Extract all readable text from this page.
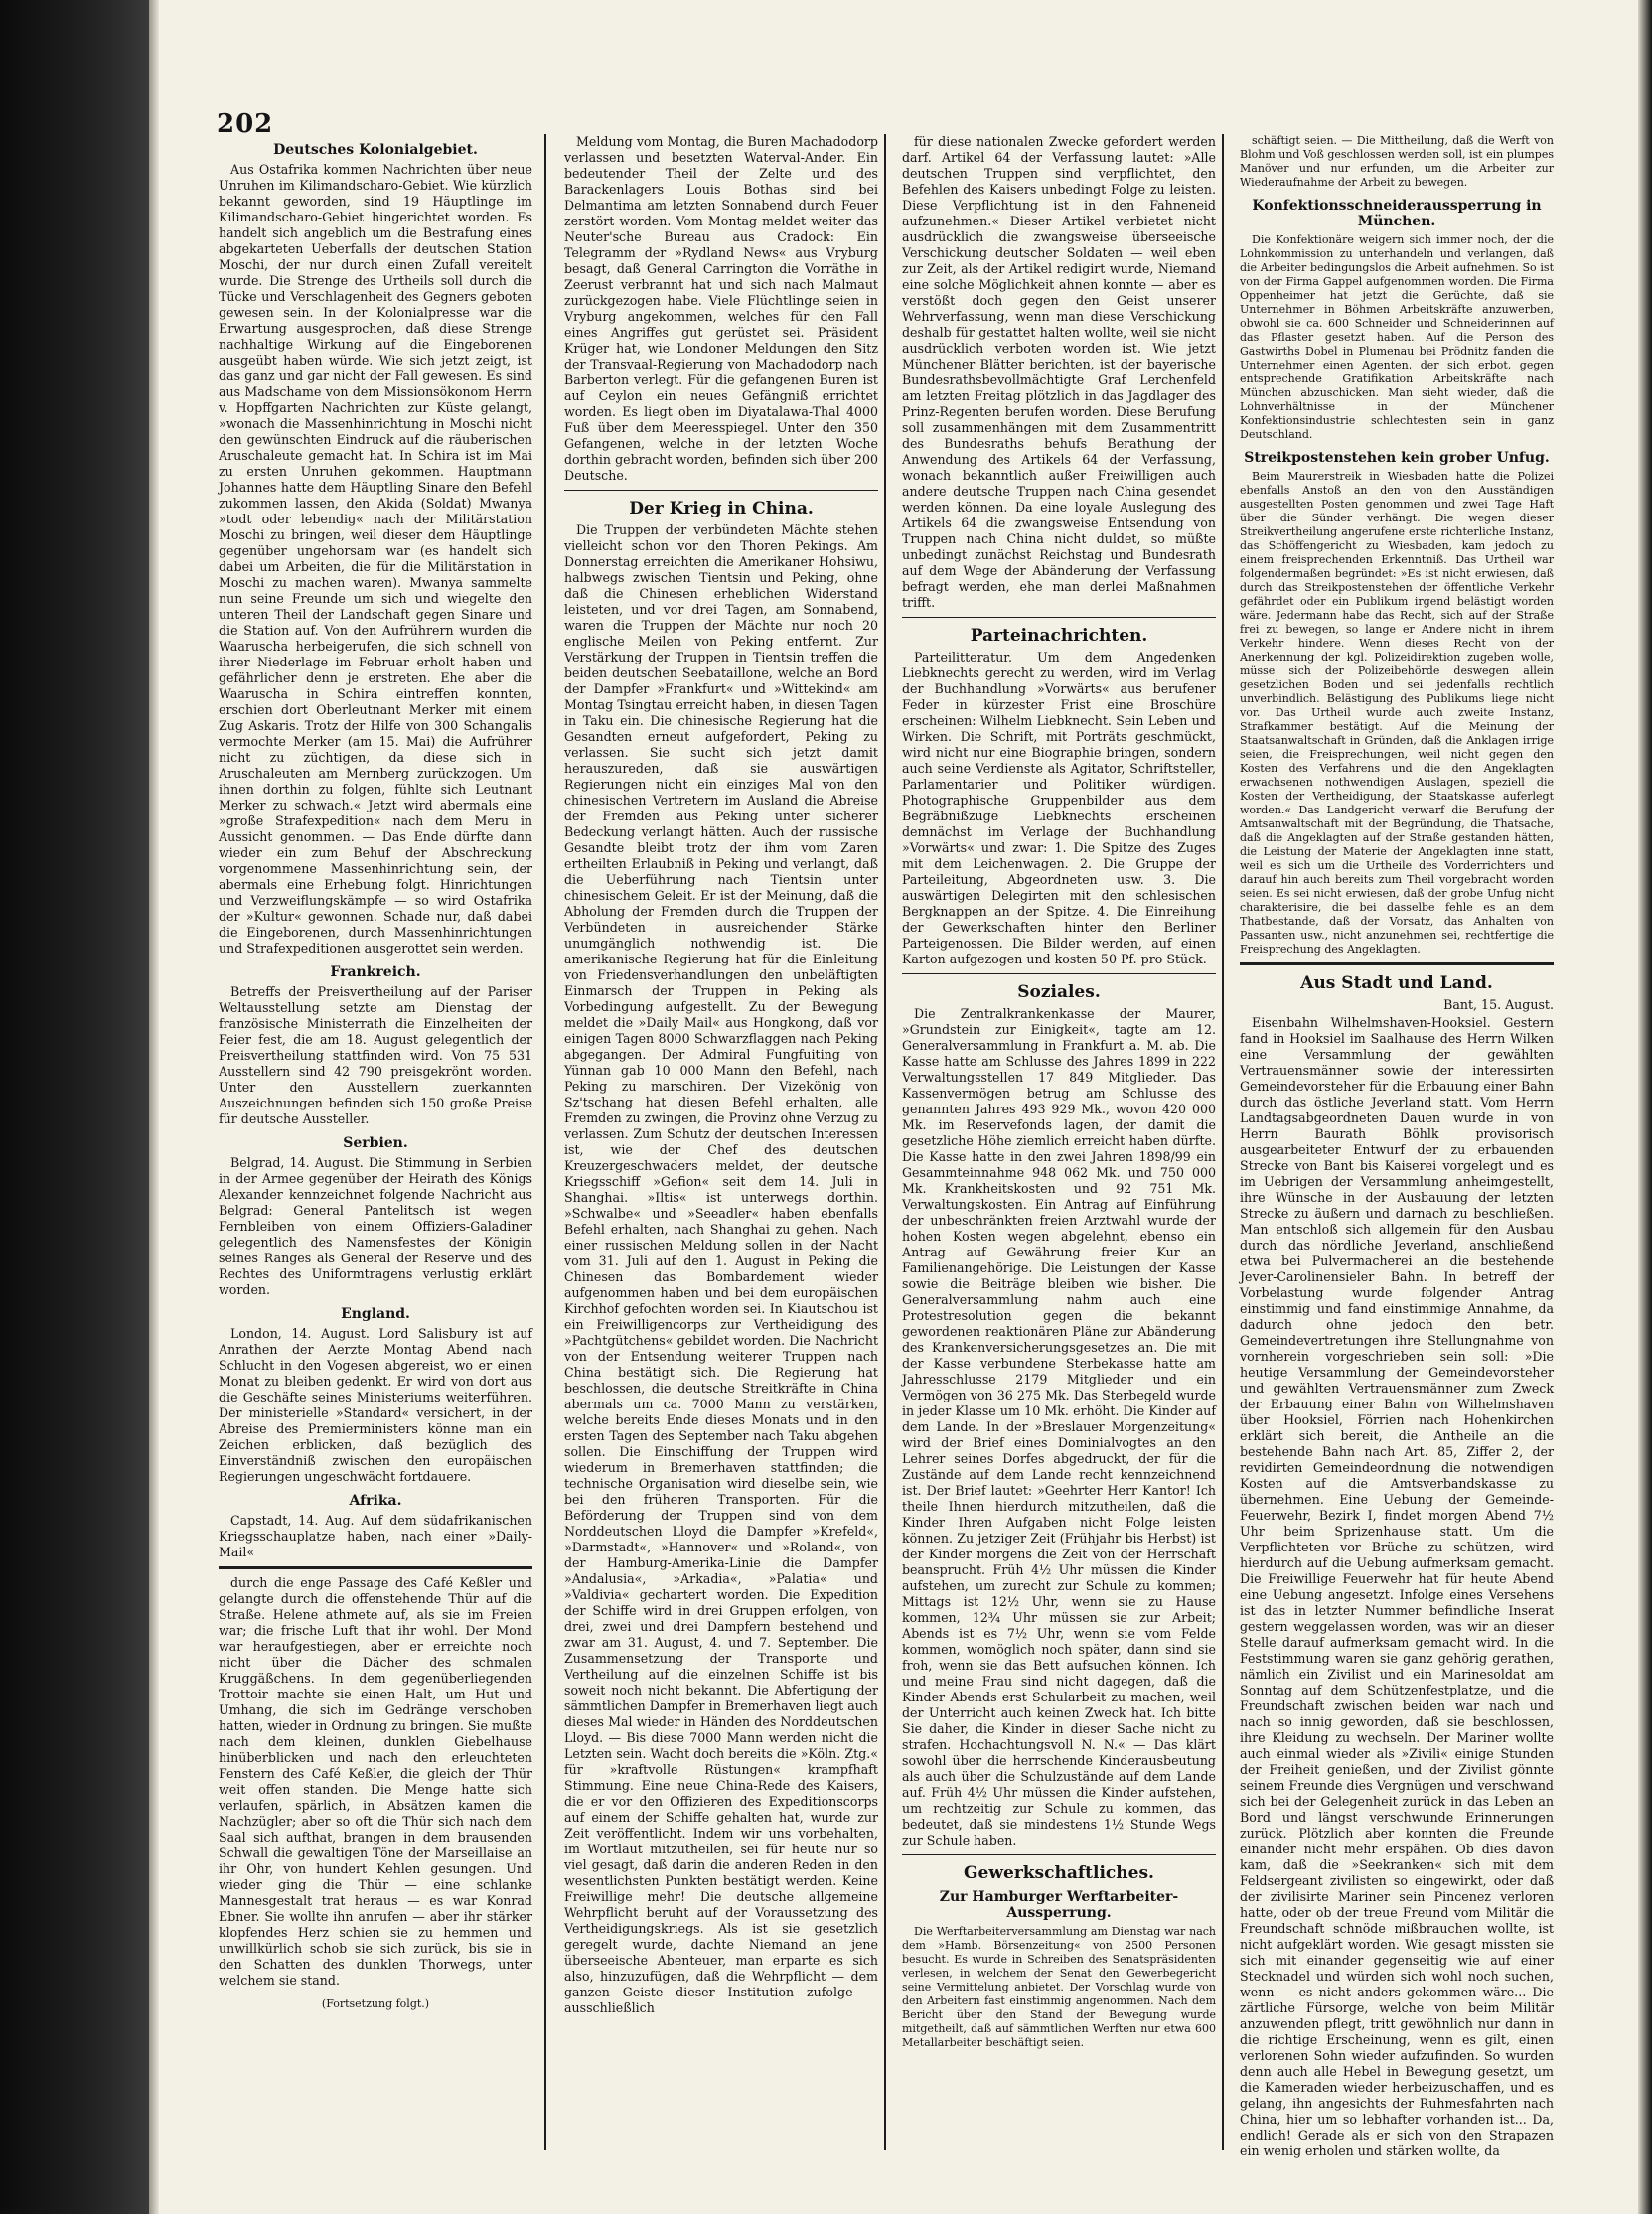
202
Deutsches Kolonialgebiet.

Aus Ostafrika kommen Nachrichten über neue Unruhen im Kilimandscharo-Gebiet. Wie kürzlich bekannt geworden, sind 19 Häuptlinge im Kilimandscharo-Gebiet hingerichtet worden. Es handelt sich angeblich um die Bestrafung eines abgekarteten Ueberfalls der deutschen Station Moschi, der nur durch einen Zufall vereitelt wurde. Die Strenge des Urtheils soll durch die Tücke und Verschlagenheit des Gegners geboten gewesen sein. In der Kolonialpresse war die Erwartung ausgesprochen, daß diese Strenge nachhaltige Wirkung auf die Eingeborenen ausgeübt haben würde. Wie sich jetzt zeigt, ist das ganz und gar nicht der Fall gewesen. Es sind aus Madschame von dem Missionsökonom Herrn v. Hopffgarten Nachrichten zur Küste gelangt, »wonach die Massenhinrichtung in Moschi nicht den gewünschten Eindruck auf die räuberischen Aruschaleute gemacht hat. In Schira ist im Mai zu ersten Unruhen gekommen. Hauptmann Johannes hatte dem Häuptling Sinare den Befehl zukommen lassen, den Akida (Soldat) Mwanya »todt oder lebendig« nach der Militärstation Moschi zu bringen, weil dieser dem Häuptlinge gegenüber ungehorsam war (es handelt sich dabei um Arbeiten, die für die Militärstation in Moschi zu machen waren). Mwanya sammelte nun seine Freunde um sich und wiegelte den unteren Theil der Landschaft gegen Sinare und die Station auf. Von den Aufrührern wurden die Waaruscha herbeigerufen, die sich schnell von ihrer Niederlage im Februar erholt haben und gefährlicher denn je erstreten. Ehe aber die Waaruscha in Schira eintreffen konnten, erschien dort Oberleutnant Merker mit einem Zug Askaris. Trotz der Hilfe von 300 Schangalis vermochte Merker (am 15. Mai) die Aufrührer nicht zu züchtigen, da diese sich in Aruschaleuten am Mernberg zurückzogen. Um ihnen dorthin zu folgen, fühlte sich Leutnant Merker zu schwach.« Jetzt wird abermals eine »große Strafexpedition« nach dem Meru in Aussicht genommen. — Das Ende dürfte dann wieder ein zum Behuf der Abschreckung vorgenommene Massenhinrichtung sein, der abermals eine Erhebung folgt. Hinrichtungen und Verzweiflungskämpfe — so wird Ostafrika der »Kultur« gewonnen. Schade nur, daß dabei die Eingeborenen, durch Massenhinrichtungen und Strafexpeditionen ausgerottet sein werden.

Frankreich.

Betreffs der Preisvertheilung auf der Pariser Weltausstellung setzte am Dienstag der französische Ministerrath die Einzelheiten der Feier fest, die am 18. August gelegentlich der Preisvertheilung stattfinden wird. Von 75 531 Ausstellern sind 42 790 preisgekrönt worden. Unter den Ausstellern zuerkannten Auszeichnungen befinden sich 150 große Preise für deutsche Aussteller.

Serbien.

Belgrad, 14. August. Die Stimmung in Serbien in der Armee gegenüber der Heirath des Königs Alexander kennzeichnet folgende Nachricht aus Belgrad: General Pantelitsch ist wegen Fernbleiben von einem Offiziers-Galadiner gelegentlich des Namensfestes der Königin seines Ranges als General der Reserve und des Rechtes des Uniformtragens verlustig erklärt worden.

England.

London, 14. August. Lord Salisbury ist auf Anrathen der Aerzte Montag Abend nach Schlucht in den Vogesen abgereist, wo er einen Monat zu bleiben gedenkt. Er wird von dort aus die Geschäfte seines Ministeriums weiterführen. Der ministerielle »Standard« versichert, in der Abreise des Premierministers könne man ein Zeichen erblicken, daß bezüglich des Einverständniß zwischen den europäischen Regierungen ungeschwächt fortdauere.

Afrika.

Capstadt, 14. Aug. Auf dem südafrikanischen Kriegsschauplatze haben, nach einer »Daily-Mail«

durch die enge Passage des Café Keßler und gelangte durch die offenstehende Thür auf die Straße. Helene athmete auf, als sie im Freien war; die frische Luft that ihr wohl. Der Mond war heraufgestiegen, aber er erreichte noch nicht über die Dächer des schmalen Kruggäßchens. In dem gegenüberliegenden Trottoir machte sie einen Halt, um Hut und Umhang, die sich im Gedränge verschoben hatten, wieder in Ordnung zu bringen. Sie mußte nach dem kleinen, dunklen Giebelhause hinüberblicken und nach den erleuchteten Fenstern des Café Keßler, die gleich der Thür weit offen standen. Die Menge hatte sich verlaufen, spärlich, in Absätzen kamen die Nachzügler; aber so oft die Thür sich nach dem Saal sich aufthat, brangen in dem brausenden Schwall die gewaltigen Töne der Marseillaise an ihr Ohr, von hundert Kehlen gesungen. Und wieder ging die Thür — eine schlanke Mannesgestalt trat heraus — es war Konrad Ebner. Sie wollte ihn anrufen — aber ihr stärker klopfendes Herz schien sie zu hemmen und unwillkürlich schob sie sich zurück, bis sie in den Schatten des dunklen Thorwegs, unter welchem sie stand.

(Fortsetzung folgt.)

Meldung vom Montag, die Buren Machadodorp verlassen und besetzten Waterval-Ander. Ein bedeutender Theil der Zelte und des Barackenlagers Louis Bothas sind bei Delmantima am letzten Sonnabend durch Feuer zerstört worden. Vom Montag meldet weiter das Neuter'sche Bureau aus Cradock: Ein Telegramm der »Rydland News« aus Vryburg besagt, daß General Carrington die Vorräthe in Zeerust verbrannt hat und sich nach Malmaut zurückgezogen habe. Viele Flüchtlinge seien in Vryburg angekommen, welches für den Fall eines Angriffes gut gerüstet sei. Präsident Krüger hat, wie Londoner Meldungen den Sitz der Transvaal-Regierung von Machadodorp nach Barberton verlegt. Für die gefangenen Buren ist auf Ceylon ein neues Gefängniß errichtet worden. Es liegt oben im Diyatalawa-Thal 4000 Fuß über dem Meeresspiegel. Unter den 350 Gefangenen, welche in der letzten Woche dorthin gebracht worden, befinden sich über 200 Deutsche.

Der Krieg in China.

Die Truppen der verbündeten Mächte stehen vielleicht schon vor den Thoren Pekings. Am Donnerstag erreichten die Amerikaner Hohsiwu, halbwegs zwischen Tientsin und Peking, ohne daß die Chinesen erheblichen Widerstand leisteten, und vor drei Tagen, am Sonnabend, waren die Truppen der Mächte nur noch 20 englische Meilen von Peking entfernt. Zur Verstärkung der Truppen in Tientsin treffen die beiden deutschen Seebataillone, welche an Bord der Dampfer »Frankfurt« und »Wittekind« am Montag Tsingtau erreicht haben, in diesen Tagen in Taku ein. Die chinesische Regierung hat die Gesandten erneut aufgefordert, Peking zu verlassen. Sie sucht sich jetzt damit herauszureden, daß sie auswärtigen Regierungen nicht ein einziges Mal von den chinesischen Vertretern im Ausland die Abreise der Fremden aus Peking unter sicherer Bedeckung verlangt hätten. Auch der russische Gesandte bleibt trotz der ihm vom Zaren ertheilten Erlaubniß in Peking und verlangt, daß die Ueberführung nach Tientsin unter chinesischem Geleit. Er ist der Meinung, daß die Abholung der Fremden durch die Truppen der Verbündeten in ausreichender Stärke unumgänglich nothwendig ist. Die amerikanische Regierung hat für die Einleitung von Friedensverhandlungen den unbeläftigten Einmarsch der Truppen in Peking als Vorbedingung aufgestellt. Zu der Bewegung meldet die »Daily Mail« aus Hongkong, daß vor einigen Tagen 8000 Schwarzflaggen nach Peking abgegangen. Der Admiral Fungfuiting von Yünnan gab 10 000 Mann den Befehl, nach Peking zu marschiren. Der Vizekönig von Sz'tschang hat diesen Befehl erhalten, alle Fremden zu zwingen, die Provinz ohne Verzug zu verlassen. Zum Schutz der deutschen Interessen ist, wie der Chef des deutschen Kreuzergeschwaders meldet, der deutsche Kriegsschiff »Gefion« seit dem 14. Juli in Shanghai. »Iltis« ist unterwegs dorthin. »Schwalbe« und »Seeadler« haben ebenfalls Befehl erhalten, nach Shanghai zu gehen. Nach einer russischen Meldung sollen in der Nacht vom 31. Juli auf den 1. August in Peking die Chinesen das Bombardement wieder aufgenommen haben und bei dem europäischen Kirchhof gefochten worden sei. In Kiautschou ist ein Freiwilligencorps zur Vertheidigung des »Pachtgütchens« gebildet worden. Die Nachricht von der Entsendung weiterer Truppen nach China bestätigt sich. Die Regierung hat beschlossen, die deutsche Streitkräfte in China abermals um ca. 7000 Mann zu verstärken, welche bereits Ende dieses Monats und in den ersten Tagen des September nach Taku abgehen sollen. Die Einschiffung der Truppen wird wiederum in Bremerhaven stattfinden; die technische Organisation wird dieselbe sein, wie bei den früheren Transporten. Für die Beförderung der Truppen sind von dem Norddeutschen Lloyd die Dampfer »Krefeld«, »Darmstadt«, »Hannover« und »Roland«, von der Hamburg-Amerika-Linie die Dampfer »Andalusia«, »Arkadia«, »Palatia« und »Valdivia« gechartert worden. Die Expedition der Schiffe wird in drei Gruppen erfolgen, von drei, zwei und drei Dampfern bestehend und zwar am 31. August, 4. und 7. September. Die Zusammensetzung der Transporte und Vertheilung auf die einzelnen Schiffe ist bis soweit noch nicht bekannt. Die Abfertigung der sämmtlichen Dampfer in Bremerhaven liegt auch dieses Mal wieder in Händen des Norddeutschen Lloyd. — Bis diese 7000 Mann werden nicht die Letzten sein. Wacht doch bereits die »Köln. Ztg.« für »kraftvolle Rüstungen« krampfhaft Stimmung. Eine neue China-Rede des Kaisers, die er vor den Offizieren des Expeditionscorps auf einem der Schiffe gehalten hat, wurde zur Zeit veröffentlicht. Indem wir uns vorbehalten, im Wortlaut mitzutheilen, sei für heute nur so viel gesagt, daß darin die anderen Reden in den wesentlichsten Punkten bestätigt werden. Keine Freiwillige mehr! Die deutsche allgemeine Wehrpflicht beruht auf der Voraussetzung des Vertheidigungskriegs. Als ist sie gesetzlich geregelt wurde, dachte Niemand an jene überseeische Abenteuer, man erparte es sich also, hinzuzufügen, daß die Wehrpflicht — dem ganzen Geiste dieser Institution zufolge — ausschließlich

für diese nationalen Zwecke gefordert werden darf. Artikel 64 der Verfassung lautet: »Alle deutschen Truppen sind verpflichtet, den Befehlen des Kaisers unbedingt Folge zu leisten. Diese Verpflichtung ist in den Fahneneid aufzunehmen.« Dieser Artikel verbietet nicht ausdrücklich die zwangsweise überseeische Verschickung deutscher Soldaten — weil eben zur Zeit, als der Artikel redigirt wurde, Niemand eine solche Möglichkeit ahnen konnte — aber es verstößt doch gegen den Geist unserer Wehrverfassung, wenn man diese Verschickung deshalb für gestattet halten wollte, weil sie nicht ausdrücklich verboten worden ist. Wie jetzt Münchener Blätter berichten, ist der bayerische Bundesrathsbevollmächtigte Graf Lerchenfeld am letzten Freitag plötzlich in das Jagdlager des Prinz-Regenten berufen worden. Diese Berufung soll zusammenhängen mit dem Zusammentritt des Bundesraths behufs Berathung der Anwendung des Artikels 64 der Verfassung, wonach bekanntlich außer Freiwilligen auch andere deutsche Truppen nach China gesendet werden können. Da eine loyale Auslegung des Artikels 64 die zwangsweise Entsendung von Truppen nach China nicht duldet, so müßte unbedingt zunächst Reichstag und Bundesrath auf dem Wege der Abänderung der Verfassung befragt werden, ehe man derlei Maßnahmen trifft.

Parteinachrichten.

Parteilitteratur. Um dem Angedenken Liebknechts gerecht zu werden, wird im Verlag der Buchhandlung »Vorwärts« aus berufener Feder in kürzester Frist eine Broschüre erscheinen: Wilhelm Liebknecht. Sein Leben und Wirken. Die Schrift, mit Porträts geschmückt, wird nicht nur eine Biographie bringen, sondern auch seine Verdienste als Agitator, Schriftsteller, Parlamentarier und Politiker würdigen. Photographische Gruppenbilder aus dem Begräbnißzuge Liebknechts erscheinen demnächst im Verlage der Buchhandlung »Vorwärts« und zwar: 1. Die Spitze des Zuges mit dem Leichenwagen. 2. Die Gruppe der Parteileitung, Abgeordneten usw. 3. Die auswärtigen Delegirten mit den schlesischen Bergknappen an der Spitze. 4. Die Einreihung der Gewerkschaften hinter den Berliner Parteigenossen. Die Bilder werden, auf einen Karton aufgezogen und kosten 50 Pf. pro Stück.

Soziales.

Die Zentralkrankenkasse der Maurer, »Grundstein zur Einigkeit«, tagte am 12. Generalversammlung in Frankfurt a. M. ab. Die Kasse hatte am Schlusse des Jahres 1899 in 222 Verwaltungsstellen 17 849 Mitglieder. Das Kassenvermögen betrug am Schlusse des genannten Jahres 493 929 Mk., wovon 420 000 Mk. im Reservefonds lagen, der damit die gesetzliche Höhe ziemlich erreicht haben dürfte. Die Kasse hatte in den zwei Jahren 1898/99 ein Gesammteinnahme 948 062 Mk. und 750 000 Mk. Krankheitskosten und 92 751 Mk. Verwaltungskosten. Ein Antrag auf Einführung der unbeschränkten freien Arztwahl wurde der hohen Kosten wegen abgelehnt, ebenso ein Antrag auf Gewährung freier Kur an Familienangehörige. Die Leistungen der Kasse sowie die Beiträge bleiben wie bisher. Die Generalversammlung nahm auch eine Protestresolution gegen die bekannt gewordenen reaktionären Pläne zur Abänderung des Krankenversicherungsgesetzes an. Die mit der Kasse verbundene Sterbekasse hatte am Jahresschlusse 2179 Mitglieder und ein Vermögen von 36 275 Mk. Das Sterbegeld wurde in jeder Klasse um 10 Mk. erhöht. Die Kinder auf dem Lande. In der »Breslauer Morgenzeitung« wird der Brief eines Dominialvogtes an den Lehrer seines Dorfes abgedruckt, der für die Zustände auf dem Lande recht kennzeichnend ist. Der Brief lautet: »Geehrter Herr Kantor! Ich theile Ihnen hierdurch mitzutheilen, daß die Kinder Ihren Aufgaben nicht Folge leisten können. Zu jetziger Zeit (Frühjahr bis Herbst) ist der Kinder morgens die Zeit von der Herrschaft beansprucht. Früh 4½ Uhr müssen die Kinder aufstehen, um zurecht zur Schule zu kommen; Mittags ist 12½ Uhr, wenn sie zu Hause kommen, 12¾ Uhr müssen sie zur Arbeit; Abends ist es 7½ Uhr, wenn sie vom Felde kommen, womöglich noch später, dann sind sie froh, wenn sie das Bett aufsuchen können. Ich und meine Frau sind nicht dagegen, daß die Kinder Abends erst Schularbeit zu machen, weil der Unterricht auch keinen Zweck hat. Ich bitte Sie daher, die Kinder in dieser Sache nicht zu strafen. Hochachtungsvoll N. N.« — Das klärt sowohl über die herrschende Kinderausbeutung als auch über die Schulzustände auf dem Lande auf. Früh 4½ Uhr müssen die Kinder aufstehen, um rechtzeitig zur Schule zu kommen, das bedeutet, daß sie mindestens 1½ Stunde Wegs zur Schule haben.

Gewerkschaftliches.
Zur Hamburger Werftarbeiter-Aussperrung.

Die Werftarbeiterversammlung am Dienstag war nach dem »Hamb. Börsenzeitung« von 2500 Personen besucht. Es wurde in Schreiben des Senatspräsidenten verlesen, in welchem der Senat den Gewerbegericht seine Vermittelung anbietet. Der Vorschlag wurde von den Arbeitern fast einstimmig angenommen. Nach dem Bericht über den Stand der Bewegung wurde mitgetheilt, daß auf sämmtlichen Werften nur etwa 600 Metallarbeiter beschäftigt seien.

schäftigt seien. — Die Mittheilung, daß die Werft von Blohm und Voß geschlossen werden soll, ist ein plumpes Manöver und nur erfunden, um die Arbeiter zur Wiederaufnahme der Arbeit zu bewegen.

Konfektionsschneideraussperrung in München.

Die Konfektionäre weigern sich immer noch, der die Lohnkommission zu unterhandeln und verlangen, daß die Arbeiter bedingungslos die Arbeit aufnehmen. So ist von der Firma Gappel aufgenommen worden. Die Firma Oppenheimer hat jetzt die Gerüchte, daß sie Unternehmer in Böhmen Arbeitskräfte anzuwerben, obwohl sie ca. 600 Schneider und Schneiderinnen auf das Pflaster gesetzt haben. Auf die Person des Gastwirths Dobel in Plumenau bei Prödnitz fanden die Unternehmer einen Agenten, der sich erbot, gegen entsprechende Gratifikation Arbeitskräfte nach München abzuschicken. Man sieht wieder, daß die Lohnverhältnisse in der Münchener Konfektionsindustrie schlechtesten sein in ganz Deutschland.

Streikpostenstehen kein grober Unfug.

Beim Maurerstreik in Wiesbaden hatte die Polizei ebenfalls Anstoß an den von den Ausständigen ausgestellten Posten genommen und zwei Tage Haft über die Sünder verhängt. Die wegen dieser Streikvertheilung angerufene erste richterliche Instanz, das Schöffengericht zu Wiesbaden, kam jedoch zu einem freisprechenden Erkenntniß. Das Urtheil war folgendermaßen begründet: »Es ist nicht erwiesen, daß durch das Streikpostenstehen der öffentliche Verkehr gefährdet oder ein Publikum irgend belästigt worden wäre. Jedermann habe das Recht, sich auf der Straße frei zu bewegen, so lange er Andere nicht in ihrem Verkehr hindere. Wenn dieses Recht von der Anerkennung der kgl. Polizeidirektion zugeben wolle, müsse sich der Polizeibehörde deswegen allein gesetzlichen Boden und sei jedenfalls rechtlich unverbindlich. Belästigung des Publikums liege nicht vor. Das Urtheil wurde auch zweite Instanz, Strafkammer bestätigt. Auf die Meinung der Staatsanwaltschaft in Gründen, daß die Anklagen irrige seien, die Freisprechungen, weil nicht gegen den Kosten des Verfahrens und die den Angeklagten erwachsenen nothwendigen Auslagen, speziell die Kosten der Vertheidigung, der Staatskasse auferlegt worden.« Das Landgericht verwarf die Berufung der Amtsanwaltschaft mit der Begründung, die Thatsache, daß die Angeklagten auf der Straße gestanden hätten, die Leistung der Materie der Angeklagten inne statt, weil es sich um die Urtheile des Vorderrichters und darauf hin auch bereits zum Theil vorgebracht worden seien. Es sei nicht erwiesen, daß der grobe Unfug nicht charakterisire, die bei dasselbe fehle es an dem Thatbestande, daß der Vorsatz, das Anhalten von Passanten usw., nicht anzunehmen sei, rechtfertige die Freisprechung des Angeklagten.

Aus Stadt und Land.
Bant, 15. August.

Eisenbahn Wilhelmshaven-Hooksiel. Gestern fand in Hooksiel im Saalhause des Herrn Wilken eine Versammlung der gewählten Vertrauensmänner sowie der interessirten Gemeindevorsteher für die Erbauung einer Bahn durch das östliche Jeverland statt. Vom Herrn Landtagsabgeordneten Dauen wurde in von Herrn Baurath Böhlk provisorisch ausgearbeiteter Entwurf der zu erbauenden Strecke von Bant bis Kaiserei vorgelegt und es im Uebrigen der Versammlung anheimgestellt, ihre Wünsche in der Ausbauung der letzten Strecke zu äußern und darnach zu beschließen. Man entschloß sich allgemein für den Ausbau durch das nördliche Jeverland, anschließend etwa bei Pulvermacherei an die bestehende Jever-Carolinensieler Bahn. In betreff der Vorbelastung wurde folgender Antrag einstimmig und fand einstimmige Annahme, da dadurch ohne jedoch den betr. Gemeindevertretungen ihre Stellungnahme von vornherein vorgeschrieben sein soll: »Die heutige Versammlung der Gemeindevorsteher und gewählten Vertrauensmänner zum Zweck der Erbauung einer Bahn von Wilhelmshaven über Hooksiel, Förrien nach Hohenkirchen erklärt sich bereit, die Antheile an die bestehende Bahn nach Art. 85, Ziffer 2, der revidirten Gemeindeordnung die notwendigen Kosten auf die Amtsverbandskasse zu übernehmen. Eine Uebung der Gemeinde-Feuerwehr, Bezirk I, findet morgen Abend 7½ Uhr beim Sprizenhause statt. Um die Verpflichteten vor Brüche zu schützen, wird hierdurch auf die Uebung aufmerksam gemacht. Die Freiwillige Feuerwehr hat für heute Abend eine Uebung angesetzt. Infolge eines Versehens ist das in letzter Nummer befindliche Inserat gestern weggelassen worden, was wir an dieser Stelle darauf aufmerksam gemacht wird. In die Feststimmung waren sie ganz gehörig gerathen, nämlich ein Zivilist und ein Marinesoldat am Sonntag auf dem Schützenfestplatze, und die Freundschaft zwischen beiden war nach und nach so innig geworden, daß sie beschlossen, ihre Kleidung zu wechseln. Der Mariner wollte auch einmal wieder als »Zivili« einige Stunden der Freiheit genießen, und der Zivilist gönnte seinem Freunde dies Vergnügen und verschwand sich bei der Gelegenheit zurück in das Leben an Bord und längst verschwunde Erinnerungen zurück. Plötzlich aber konnten die Freunde einander nicht mehr erspähen. Ob dies davon kam, daß die »Seekranken« sich mit dem Feldsergeant zivilisten so eingewirkt, oder daß der zivilisirte Mariner sein Pincenez verloren hatte, oder ob der treue Freund vom Militär die Freundschaft schnöde mißbrauchen wollte, ist nicht aufgeklärt worden. Wie gesagt missten sie sich mit einander gegenseitig wie auf einer Stecknadel und würden sich wohl noch suchen, wenn — es nicht anders gekommen wäre... Die zärtliche Fürsorge, welche von beim Militär anzuwenden pflegt, tritt gewöhnlich nur dann in die richtige Erscheinung, wenn es gilt, einen verlorenen Sohn wieder aufzufinden. So wurden denn auch alle Hebel in Bewegung gesetzt, um die Kameraden wieder herbeizuschaffen, und es gelang, ihn angesichts der Ruhmesfahrten nach China, hier um so lebhafter vorhanden ist... Da, endlich! Gerade als er sich von den Strapazen ein wenig erholen und stärken wollte, da
